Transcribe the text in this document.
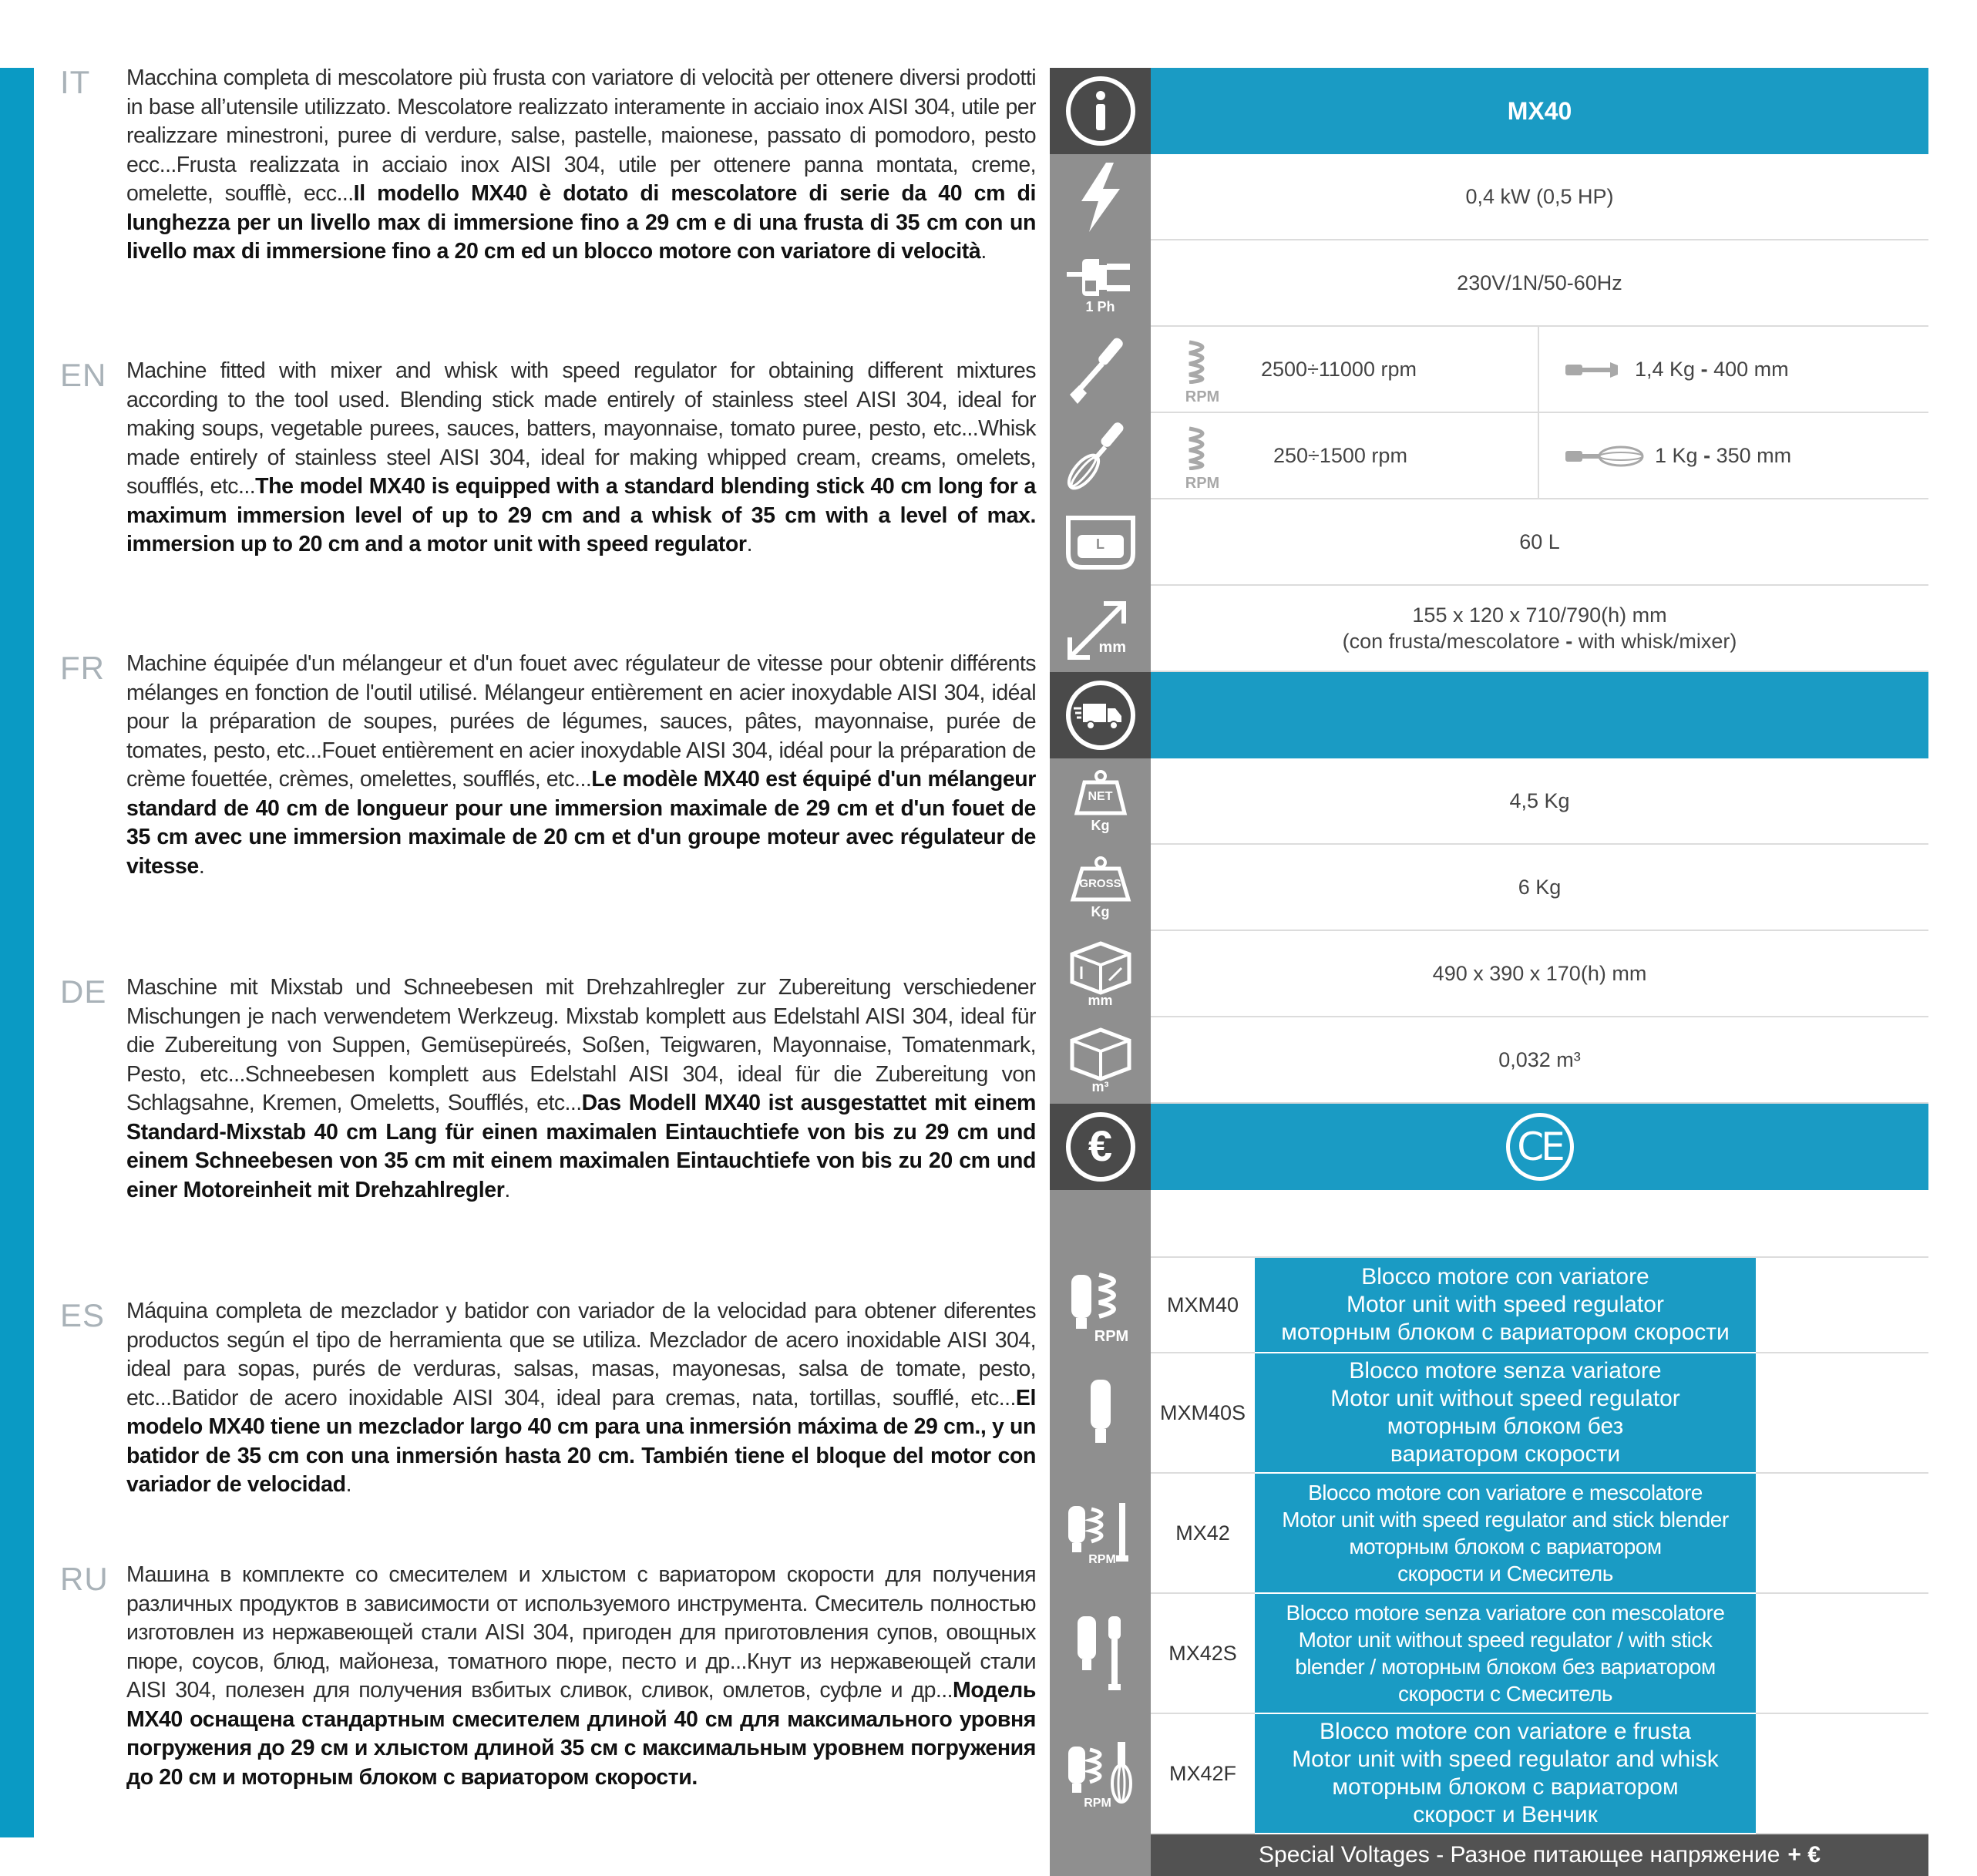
IT Macchina completa di mescolatore più frusta con variatore di velocità per ottenere diversi prodotti in base all’utensile utilizzato. Mescolatore realizzato interamente in acciaio inox AISI 304, utile per realizzare minestroni, puree di verdure, salse, pastelle, maionese, passato di pomodoro, pesto ecc...Frusta realizzata in acciaio inox AISI 304, utile per ottenere panna montata, creme, omelette, soufflè, ecc...Il modello MX40 è dotato di mescolatore di serie da 40 cm di lunghezza per un livello max di immersione fino a 29 cm e di una frusta di 35 cm con un livello max di immersione fino a 20 cm ed un blocco motore con variatore di velocità.
EN Machine fitted with mixer and whisk with speed regulator for obtaining different mixtures according to the tool used. Blending stick made entirely of stainless steel AISI 304, ideal for making soups, vegetable purees, sauces, batters, mayonnaise, tomato puree, pesto, etc...Whisk made entirely of stainless steel AISI 304, ideal for making whipped cream, creams, omelets, soufflés, etc...The model MX40 is equipped with a standard blending stick 40 cm long for a maximum immersion level of up to 29 cm and a whisk of 35 cm with a level of max. immersion up to 20 cm and a motor unit with speed regulator.
FR Machine équipée d'un mélangeur et d'un fouet avec régulateur de vitesse pour obtenir différents mélanges en fonction de l'outil utilisé. Mélangeur entièrement en acier inoxydable AISI 304, idéal pour la préparation de soupes, purées de légumes, sauces, pâtes, mayonnaise, purée de tomates, pesto, etc...Fouet entièrement en acier inoxydable AISI 304, idéal pour la préparation de crème fouettée, crèmes, omelettes, soufflés, etc...Le modèle MX40 est équipé d'un mélangeur standard de 40 cm de longueur pour une immersion maximale de 29 cm et d'un fouet de 35 cm avec une immersion maximale de 20 cm et d'un groupe moteur avec régulateur de vitesse.
DE Maschine mit Mixstab und Schneebesen mit Drehzahlregler zur Zubereitung verschiedener Mischungen je nach verwendetem Werkzeug. Mixstab komplett aus Edelstahl AISI 304, ideal für die Zubereitung von Suppen, Gemüsepüreés, Soßen, Teigwaren, Mayonnaise, Tomatenmark, Pesto, etc...Schneebesen komplett aus Edelstahl AISI 304, ideal für die Zubereitung von Schlagsahne, Kremen, Omeletts, Soufflés, etc...Das Modell MX40 ist ausgestattet mit einem Standard-Mixstab 40 cm Lang für einen maximalen Eintauchtiefe von bis zu 29 cm und einem Schneebesen von 35 cm mit einem maximalen Eintauchtiefe von bis zu 20 cm und einer Motoreinheit mit Drehzahlregler.
ES Máquina completa de mezclador y batidor con variador de la velocidad para obtener diferentes productos según el tipo de herramienta que se utiliza. Mezclador de acero inoxidable AISI 304, ideal para sopas, purés de verduras, salsas, masas, mayonesas, salsa de tomate, pesto, etc...Batidor de acero inoxidable AISI 304, ideal para cremas, nata, tortillas, soufflé, etc...El modelo MX40 tiene un mezclador largo 40 cm para una inmersión máxima de 29 cm., y un batidor de 35 cm con una inmersión hasta 20 cm. También tiene el bloque del motor con variador de velocidad.
RU Машина в комплекте со смесителем и хлыстом с вариатором скорости для получения различных продуктов в зависимости от используемого инструмента. Смеситель полностью изготовлен из нержавеющей стали AISI 304, пригоден для приготовления супов, овощных пюре, соусов, блюд, майонеза, томатного пюре, песто и др...Кнут из нержавеющей стали AISI 304, полезен для получения взбитых сливок, сливок, омлетов, суфле и др...Модель MX40 оснащена стандартным смесителем длиной 40 см для максимального уровня погружения до 29 см и хлыстом длиной 35 см с максимальным уровнем погружения до 20 см и моторным блоком с вариатором скорости.
MX40
0,4 kW (0,5 HP)
1 Ph
230V/1N/50-60Hz
RPM
2500÷11000 rpm	1,4 Kg - 400 mm
RPM
250÷1500 rpm	1 Kg - 350 mm
L	60 L
mm
155 x 120 x 710/790(h) mm
(con frusta/mescolatore - with whisk/mixer)
NET
Kg
4,5 Kg
GROSS
Kg
6 Kg
mm
490 x 390 x 170(h) mm
m³
0,032 m³
€	CE
RPM
MXM40
Blocco motore con variatore
Motor unit with speed regulator
моторным блоком с вариатором скорости
MXM40S
Blocco motore senza variatore
Motor unit without speed regulator
моторным блоком без
вариатором скорости
RPM
MX42
Blocco motore con variatore e mescolatore
Motor unit with speed regulator and stick blender
моторным блоком с вариатором
скорости и Смеситель
MX42S
Blocco motore senza variatore con mescolatore
Motor unit without speed regulator / with stick
blender / моторным блоком без вариатором
скорости с Смеситель
RPM
MX42F
Blocco motore con variatore e frusta
Motor unit with speed regulator and whisk
моторным блоком с вариатором
скорост и Венчик
Special Voltages - Разное питающее напряжение + €
